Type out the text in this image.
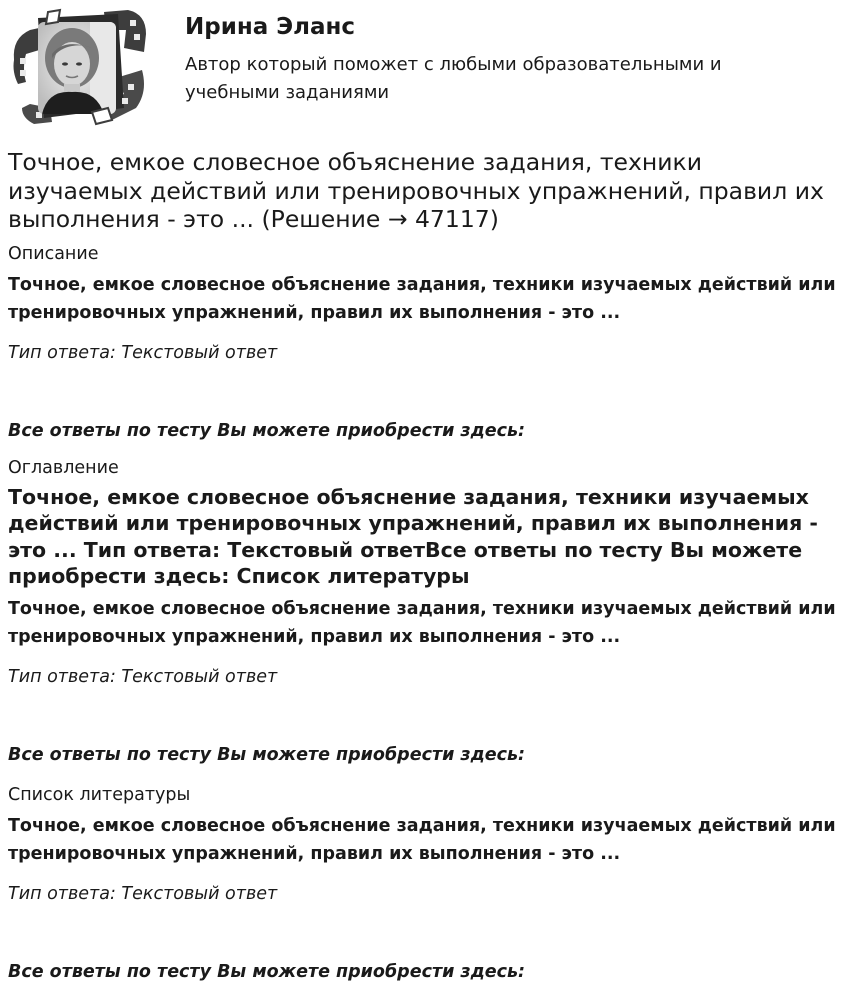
Ирина Эланс
Автор который поможет с любыми образовательными и учебными заданиями
Точное, емкое словесное объяснение задания, техники изучаемых действий или тренировочных упражнений, правил их выполнения - это ... (Решение → 47117)
Описание

Точное, емкое словесное объяснение задания, техники изучаемых действий или тренировочных упражнений, правил их выполнения - это ...

Тип ответа: Текстовый ответ

Все ответы по тесту Вы можете приобрести здесь:

Оглавление
Точное, емкое словесное объяснение задания, техники изучаемых действий или тренировочных упражнений, правил их выполнения - это ... Тип ответа: Текстовый ответВсе ответы по тесту Вы можете приобрести здесь: Список литературы

Точное, емкое словесное объяснение задания, техники изучаемых действий или тренировочных упражнений, правил их выполнения - это ...

Тип ответа: Текстовый ответ

Все ответы по тесту Вы можете приобрести здесь:

Список литературы

Точное, емкое словесное объяснение задания, техники изучаемых действий или тренировочных упражнений, правил их выполнения - это ...

Тип ответа: Текстовый ответ

Все ответы по тесту Вы можете приобрести здесь:
